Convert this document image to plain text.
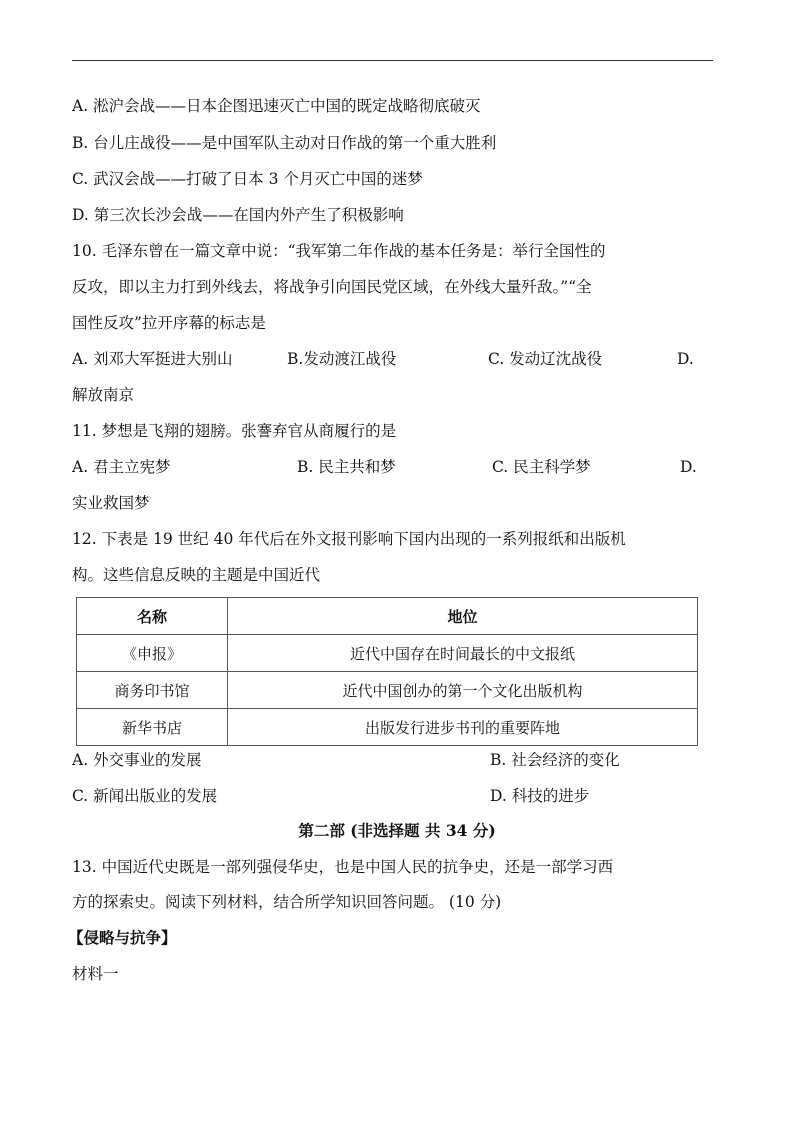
A. 淞沪会战——日本企图迅速灭亡中国的既定战略彻底破灭
B. 台儿庄战役——是中国军队主动对日作战的第一个重大胜利
C. 武汉会战——打破了日本 3 个月灭亡中国的迷梦
D. 第三次长沙会战——在国内外产生了积极影响
10. 毛泽东曾在一篇文章中说：“我军第二年作战的基本任务是：举行全国性的
反攻，即以主力打到外线去，将战争引向国民党区域，在外线大量歼敌。”“全
国性反攻”拉开序幕的标志是
A. 刘邓大军挺进大别山	B.发动渡江战役	C. 发动辽沈战役	D.
解放南京
11. 梦想是飞翔的翅膀。张謇弃官从商履行的是
A. 君主立宪梦	B. 民主共和梦	C. 民主科学梦	D.
实业救国梦
12. 下表是 19 世纪 40 年代后在外文报刊影响下国内出现的一系列报纸和出版机
构。这些信息反映的主题是中国近代
名称	地位
《申报》	近代中国存在时间最长的中文报纸
商务印书馆	近代中国创办的第一个文化出版机构
新华书店	出版发行进步书刊的重要阵地
A. 外交事业的发展	B. 社会经济的变化
C. 新闻出版业的发展	D. 科技的进步
第二部 (非选择题 共 34 分)
13. 中国近代史既是一部列强侵华史，也是中国人民的抗争史，还是一部学习西
方的探索史。阅读下列材料，结合所学知识回答问题。 (10 分)
【侵略与抗争】
材料一
